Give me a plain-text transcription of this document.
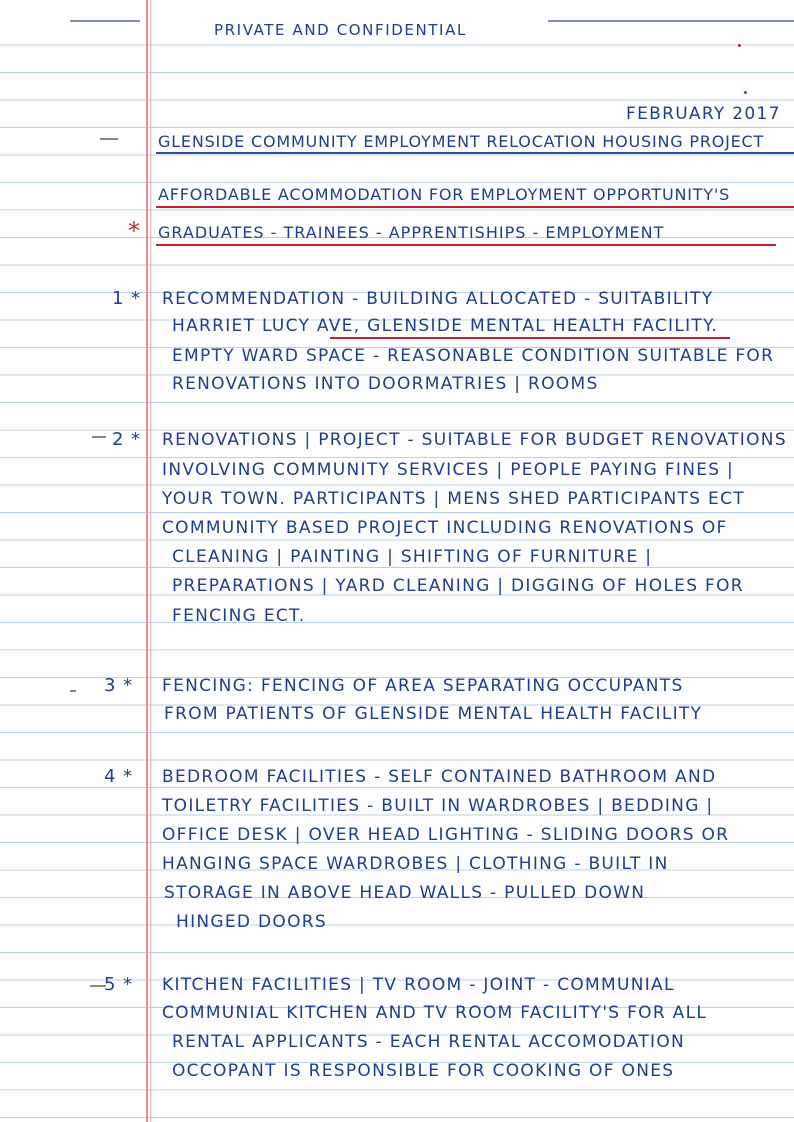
PRIVATE AND CONFIDENTIAL
FEBRUARY 2017
GLENSIDE COMMUNITY EMPLOYMENT RELOCATION HOUSING PROJECT
AFFORDABLE ACOMMODATION FOR EMPLOYMENT OPPORTUNITY'S
* GRADUATES - TRAINEES - APPRENTISHIPS - EMPLOYMENT
1 * RECOMMENDATION - BUILDING ALLOCATED - SUITABILITY
HARRIET LUCY AVE, GLENSIDE MENTAL HEALTH FACILITY.
EMPTY WARD SPACE - REASONABLE CONDITION SUITABLE FOR
RENOVATIONS INTO DOORMATRIES | ROOMS
2 * RENOVATIONS | PROJECT - SUITABLE FOR BUDGET RENOVATIONS
INVOLVING COMMUNITY SERVICES | PEOPLE PAYING FINES |
YOUR TOWN. PARTICIPANTS | MENS SHED PARTICIPANTS ECT
COMMUNITY BASED PROJECT INCLUDING RENOVATIONS OF
CLEANING | PAINTING | SHIFTING OF FURNITURE |
PREPARATIONS | YARD CLEANING | DIGGING OF HOLES FOR
FENCING ECT.
3 * FENCING: FENCING OF AREA SEPARATING OCCUPANTS
FROM PATIENTS OF GLENSIDE MENTAL HEALTH FACILITY
4 * BEDROOM FACILITIES - SELF CONTAINED BATHROOM AND
TOILETRY FACILITIES - BUILT IN WARDROBES | BEDDING |
OFFICE DESK | OVER HEAD LIGHTING - SLIDING DOORS OR
HANGING SPACE WARDROBES | CLOTHING - BUILT IN
STORAGE IN ABOVE HEAD WALLS - PULLED DOWN
HINGED DOORS
5 * KITCHEN FACILITIES | TV ROOM - JOINT - COMMUNIAL
COMMUNIAL KITCHEN AND TV ROOM FACILITY'S FOR ALL
RENTAL APPLICANTS - EACH RENTAL ACCOMODATION
OCCOPANT IS RESPONSIBLE FOR COOKING OF ONES
